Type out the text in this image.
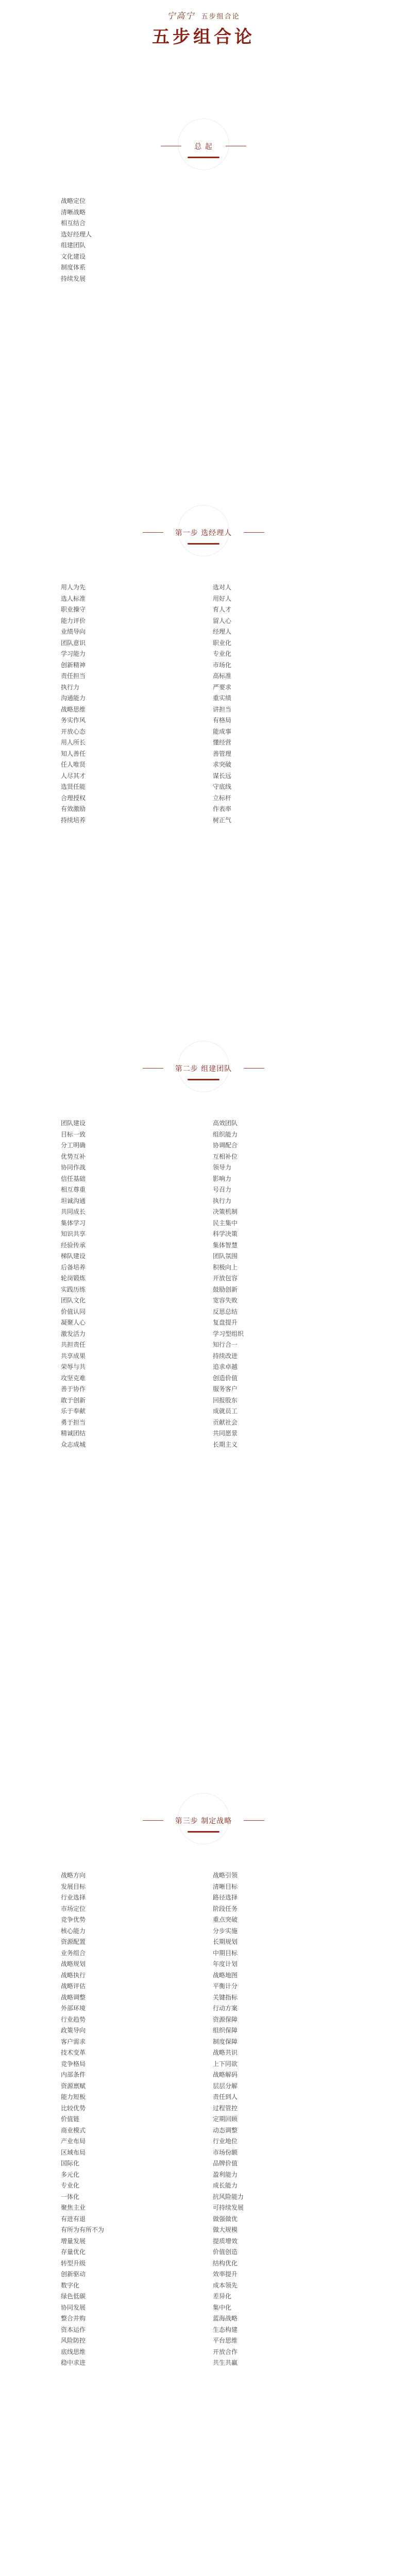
宁高宁 五步组合论
五步组合论
总 起
战略定位
清晰战略
相互结合
选好经理人
组建团队
文化建设
制度体系
持续发展
第一步 选经理人
用人为先
选人标准
职业操守
能力评价
业绩导向
团队意识
学习能力
创新精神
责任担当
执行力
沟通能力
战略思维
务实作风
开放心态
用人所长
知人善任
任人唯贤
人尽其才
选贤任能
合理授权
有效激励
持续培养
选对人
用好人
育人才
留人心
经理人
职业化
专业化
市场化
高标准
严要求
重实绩
讲担当
有格局
能成事
懂经营
善管理
求突破
谋长远
守底线
立标杆
作表率
树正气
第二步 组建团队
团队建设
目标一致
分工明确
优势互补
协同作战
信任基础
相互尊重
坦诚沟通
共同成长
集体学习
知识共享
经验传承
梯队建设
后备培养
轮岗锻炼
实践历练
团队文化
价值认同
凝聚人心
激发活力
共担责任
共享成果
荣辱与共
攻坚克难
善于协作
敢于创新
乐于奉献
勇于担当
精诚团结
众志成城
高效团队
组织能力
协调配合
互相补位
领导力
影响力
号召力
执行力
决策机制
民主集中
科学决策
集体智慧
团队氛围
积极向上
开放包容
鼓励创新
宽容失败
反思总结
复盘提升
学习型组织
知行合一
持续改进
追求卓越
创造价值
服务客户
回报股东
成就员工
贡献社会
共同愿景
长期主义
第三步 制定战略
战略方向
发展目标
行业选择
市场定位
竞争优势
核心能力
资源配置
业务组合
战略规划
战略执行
战略评估
战略调整
外部环境
行业趋势
政策导向
客户需求
技术变革
竞争格局
内部条件
资源禀赋
能力短板
比较优势
价值链
商业模式
产业布局
区域布局
国际化
多元化
专业化
一体化
聚焦主业
有进有退
有所为有所不为
增量发展
存量优化
转型升级
创新驱动
数字化
绿色低碳
协同发展
整合并购
资本运作
风险防控
底线思维
稳中求进
战略引领
清晰目标
路径选择
阶段任务
重点突破
分步实施
长期规划
中期目标
年度计划
战略地图
平衡计分
关键指标
行动方案
资源保障
组织保障
制度保障
战略共识
上下同欲
战略解码
层层分解
责任到人
过程管控
定期回顾
动态调整
行业地位
市场份额
品牌价值
盈利能力
成长能力
抗风险能力
可持续发展
做强做优
做大规模
提质增效
价值创造
结构优化
效率提升
成本领先
差异化
集中化
蓝海战略
生态构建
平台思维
开放合作
共生共赢
